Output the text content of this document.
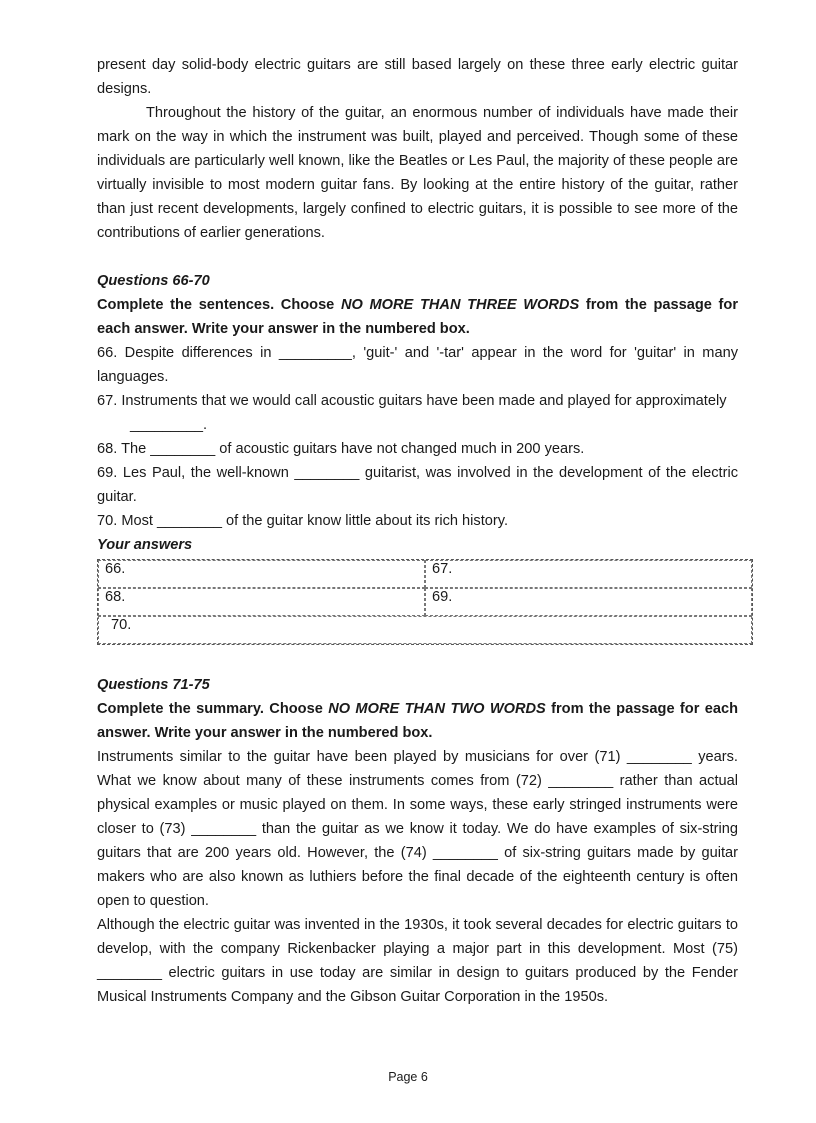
present day solid-body electric guitars are still based largely on these three early electric guitar designs.

Throughout the history of the guitar, an enormous number of individuals have made their mark on the way in which the instrument was built, played and perceived. Though some of these individuals are particularly well known, like the Beatles or Les Paul, the majority of these people are virtually invisible to most modern guitar fans. By looking at the entire history of the guitar, rather than just recent developments, largely confined to electric guitars, it is possible to see more of the contributions of earlier generations.

Questions 66-70

Complete the sentences. Choose NO MORE THAN THREE WORDS from the passage for each answer. Write your answer in the numbered box.

66. Despite differences in _________, 'guit-' and '-tar' appear in the word for 'guitar' in many languages.

67. Instruments that we would call acoustic guitars have been made and played for approximately

_________.

68. The ________ of acoustic guitars have not changed much in 200 years.

69. Les Paul, the well-known ________ guitarist, was involved in the development of the electric guitar.

70. Most ________ of the guitar know little about its rich history.

Your answers

66.	67.
68.	69.
70.	

Questions 71-75

Complete the summary. Choose NO MORE THAN TWO WORDS from the passage for each answer. Write your answer in the numbered box.

Instruments similar to the guitar have been played by musicians for over (71) ________ years. What we know about many of these instruments comes from (72) ________ rather than actual physical examples or music played on them. In some ways, these early stringed instruments were closer to (73) ________ than the guitar as we know it today. We do have examples of six-string guitars that are 200 years old. However, the (74) ________ of six-string guitars made by guitar makers who are also known as luthiers before the final decade of the eighteenth century is often open to question.

Although the electric guitar was invented in the 1930s, it took several decades for electric guitars to develop, with the company Rickenbacker playing a major part in this development. Most (75) ________ electric guitars in use today are similar in design to guitars produced by the Fender Musical Instruments Company and the Gibson Guitar Corporation in the 1950s.

Page 6
